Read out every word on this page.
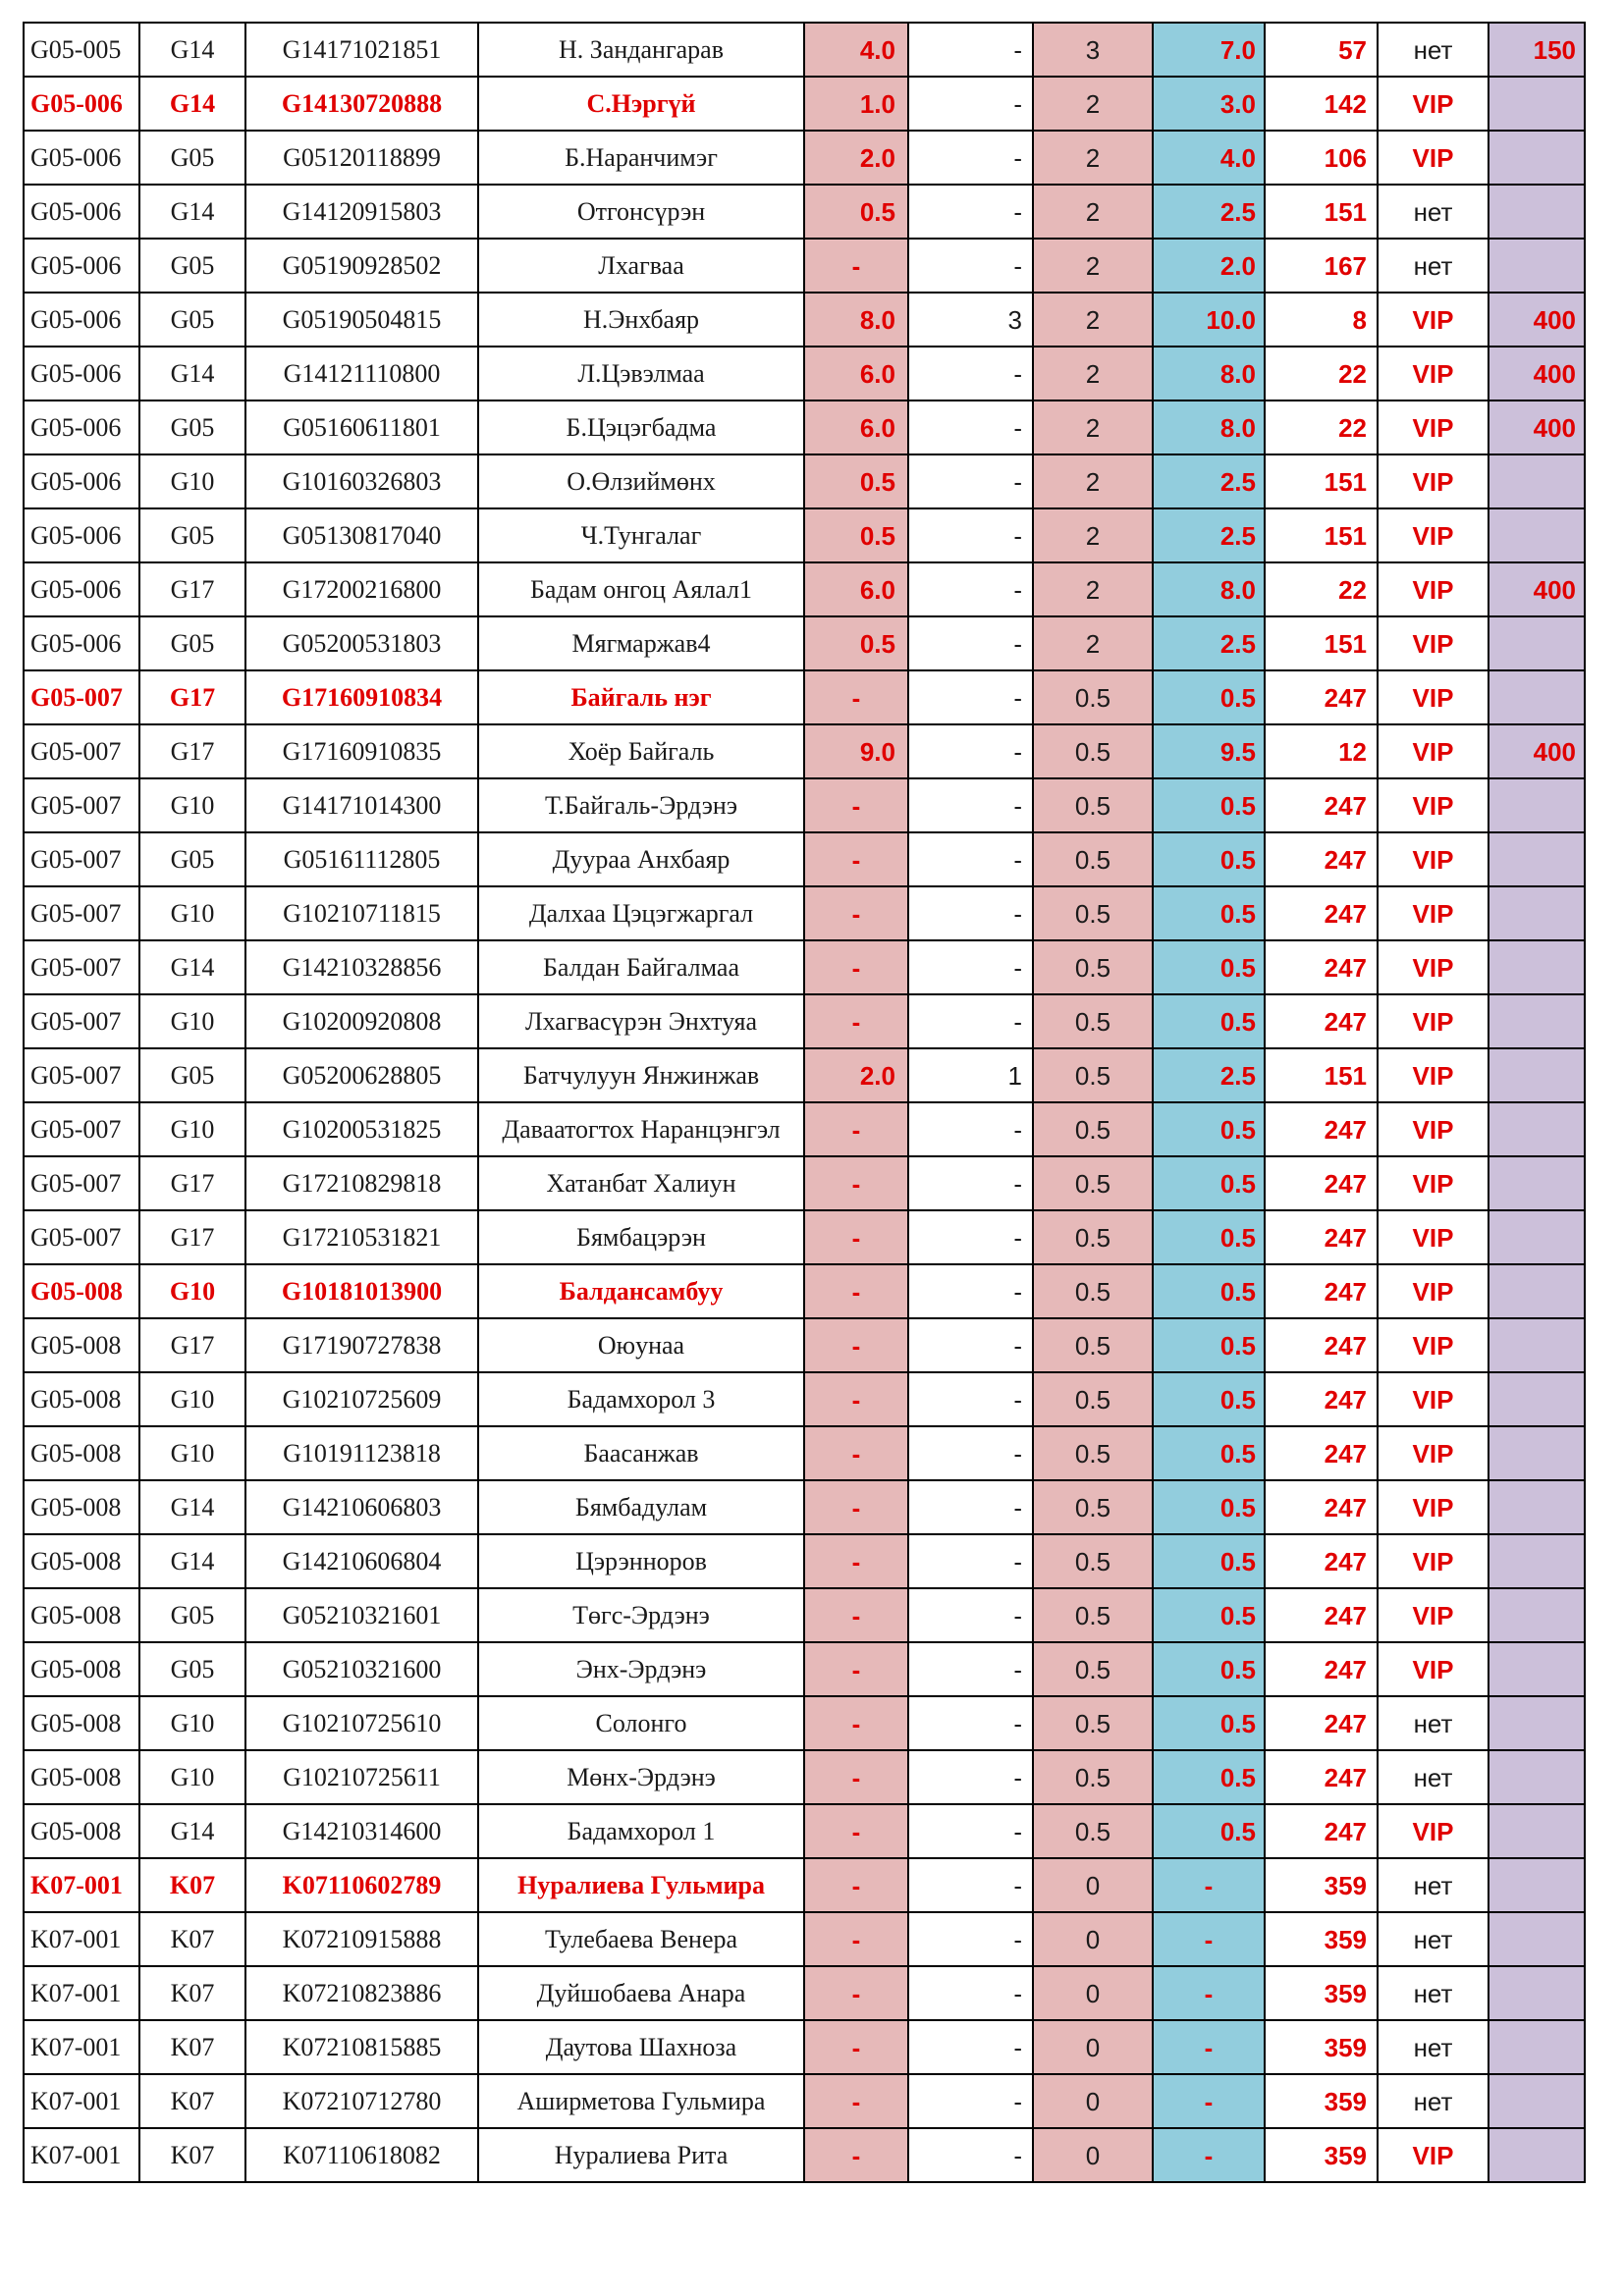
G05-005	G14	G14171021851	Н. Зандангарав	4.0	-	3	7.0	57	нет	150
G05-006	G14	G14130720888	С.Нэргүй	1.0	-	2	3.0	142	VIP	
G05-006	G05	G05120118899	Б.Наранчимэг	2.0	-	2	4.0	106	VIP	
G05-006	G14	G14120915803	Отгонсүрэн	0.5	-	2	2.5	151	нет	
G05-006	G05	G05190928502	Лхагваа	-	-	2	2.0	167	нет	
G05-006	G05	G05190504815	Н.Энхбаяр	8.0	3	2	10.0	8	VIP	400
G05-006	G14	G14121110800	Л.Цэвэлмаа	6.0	-	2	8.0	22	VIP	400
G05-006	G05	G05160611801	Б.Цэцэгбадма	6.0	-	2	8.0	22	VIP	400
G05-006	G10	G10160326803	О.Өлзиймөнх	0.5	-	2	2.5	151	VIP	
G05-006	G05	G05130817040	Ч.Тунгалаг	0.5	-	2	2.5	151	VIP	
G05-006	G17	G17200216800	Бадам онгоц Аялал1	6.0	-	2	8.0	22	VIP	400
G05-006	G05	G05200531803	Мягмаржав4	0.5	-	2	2.5	151	VIP	
G05-007	G17	G17160910834	Байгаль нэг	-	-	0.5	0.5	247	VIP	
G05-007	G17	G17160910835	Хоёр Байгаль	9.0	-	0.5	9.5	12	VIP	400
G05-007	G10	G14171014300	Т.Байгаль-Эрдэнэ	-	-	0.5	0.5	247	VIP	
G05-007	G05	G05161112805	Дуураа Анхбаяр	-	-	0.5	0.5	247	VIP	
G05-007	G10	G10210711815	Далхаа Цэцэгжаргал	-	-	0.5	0.5	247	VIP	
G05-007	G14	G14210328856	Балдан Байгалмаа	-	-	0.5	0.5	247	VIP	
G05-007	G10	G10200920808	Лхагвасүрэн Энхтуяа	-	-	0.5	0.5	247	VIP	
G05-007	G05	G05200628805	Батчулуун Янжинжав	2.0	1	0.5	2.5	151	VIP	
G05-007	G10	G10200531825	Даваатогтох Наранцэнгэл	-	-	0.5	0.5	247	VIP	
G05-007	G17	G17210829818	Хатанбат Халиун	-	-	0.5	0.5	247	VIP	
G05-007	G17	G17210531821	Бямбацэрэн	-	-	0.5	0.5	247	VIP	
G05-008	G10	G10181013900	Балдансамбуу	-	-	0.5	0.5	247	VIP	
G05-008	G17	G17190727838	Оюунаа	-	-	0.5	0.5	247	VIP	
G05-008	G10	G10210725609	Бадамхорол 3	-	-	0.5	0.5	247	VIP	
G05-008	G10	G10191123818	Баасанжав	-	-	0.5	0.5	247	VIP	
G05-008	G14	G14210606803	Бямбадулам	-	-	0.5	0.5	247	VIP	
G05-008	G14	G14210606804	Цэрэнноров	-	-	0.5	0.5	247	VIP	
G05-008	G05	G05210321601	Төгс-Эрдэнэ	-	-	0.5	0.5	247	VIP	
G05-008	G05	G05210321600	Энх-Эрдэнэ	-	-	0.5	0.5	247	VIP	
G05-008	G10	G10210725610	Солонго	-	-	0.5	0.5	247	нет	
G05-008	G10	G10210725611	Мөнх-Эрдэнэ	-	-	0.5	0.5	247	нет	
G05-008	G14	G14210314600	Бадамхорол 1	-	-	0.5	0.5	247	VIP	
K07-001	K07	K07110602789	Нуралиева Гульмира	-	-	0	-	359	нет	
K07-001	K07	K07210915888	Тулебаева Венера	-	-	0	-	359	нет	
K07-001	K07	K07210823886	Дуйшобаева Анара	-	-	0	-	359	нет	
K07-001	K07	K07210815885	Даутова Шахноза	-	-	0	-	359	нет	
K07-001	K07	K07210712780	Аширметова Гульмира	-	-	0	-	359	нет	
K07-001	K07	K07110618082	Нуралиева Рита	-	-	0	-	359	VIP	
